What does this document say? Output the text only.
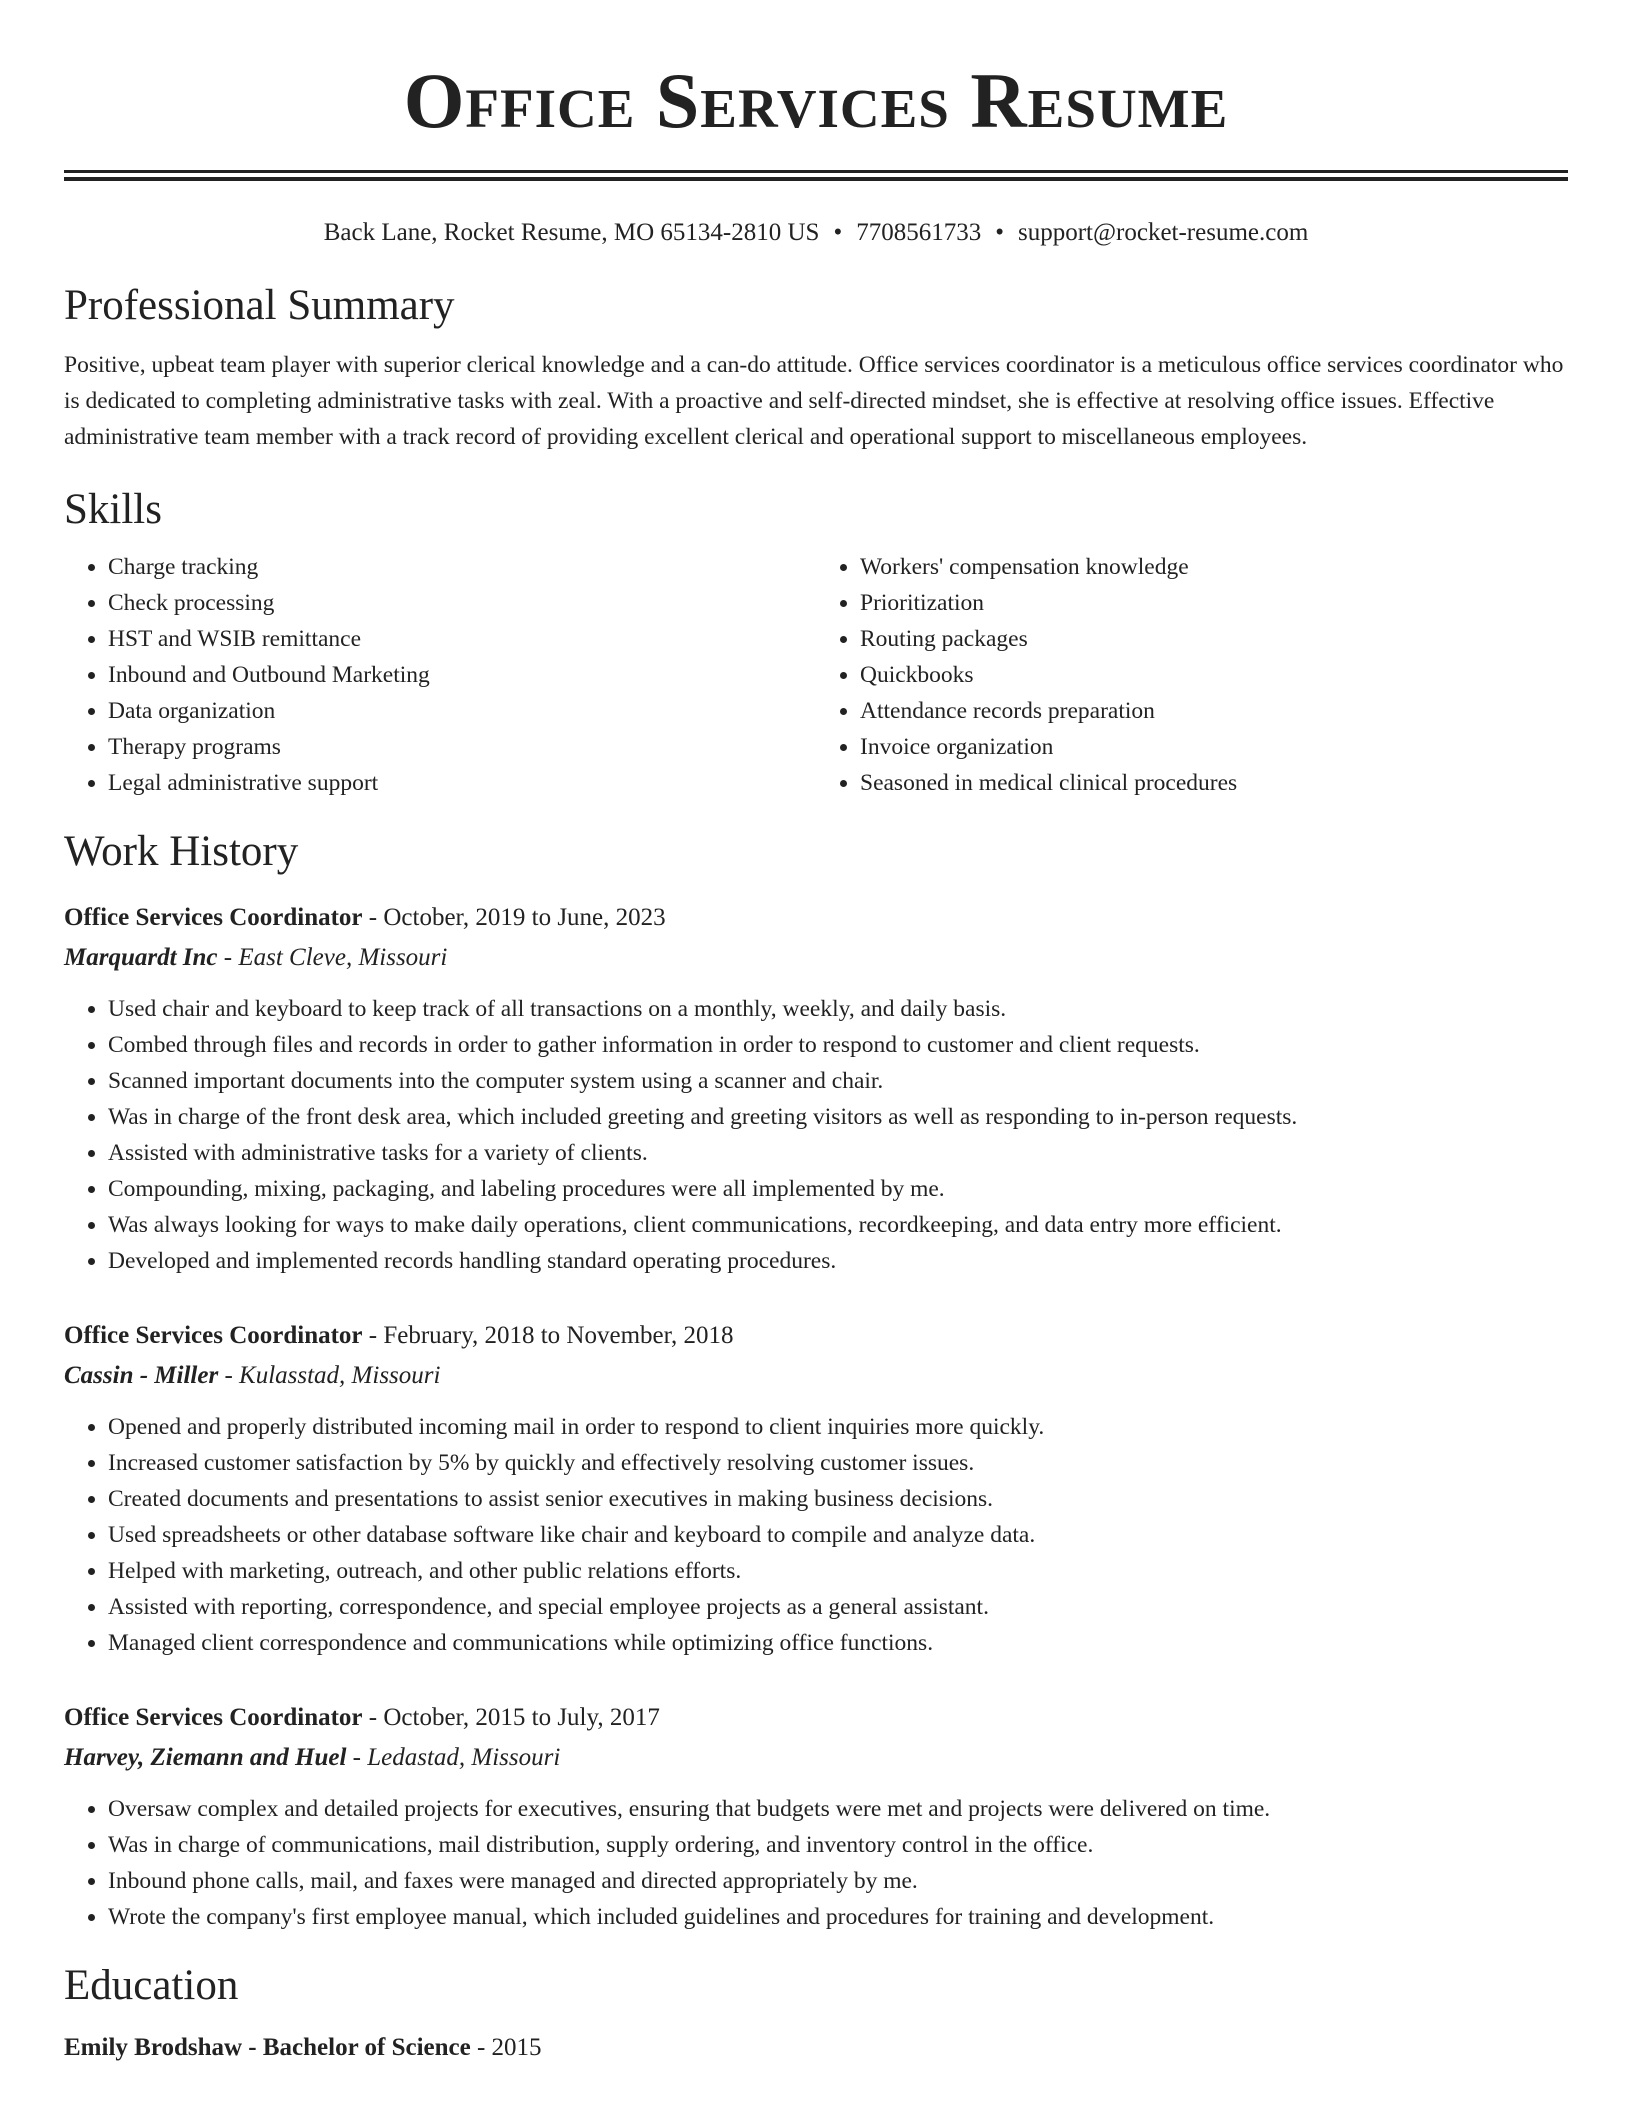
Office Services Resume
Back Lane, Rocket Resume, MO 65134-2810 US • 7708561733 • support@rocket-resume.com
Professional Summary

Positive, upbeat team player with superior clerical knowledge and a can-do attitude. Office services coordinator is a meticulous office services coordinator who is dedicated to completing administrative tasks with zeal. With a proactive and self-directed mindset, she is effective at resolving office issues. Effective administrative team member with a track record of providing excellent clerical and operational support to miscellaneous employees.

Skills
• Charge tracking
• Check processing
• HST and WSIB remittance
• Inbound and Outbound Marketing
• Data organization
• Therapy programs
• Legal administrative support
• Workers' compensation knowledge
• Prioritization
• Routing packages
• Quickbooks
• Attendance records preparation
• Invoice organization
• Seasoned in medical clinical procedures
Work History
Office Services Coordinator - October, 2019 to June, 2023
Marquardt Inc - East Cleve, Missouri
• Used chair and keyboard to keep track of all transactions on a monthly, weekly, and daily basis.
• Combed through files and records in order to gather information in order to respond to customer and client requests.
• Scanned important documents into the computer system using a scanner and chair.
• Was in charge of the front desk area, which included greeting and greeting visitors as well as responding to in-person requests.
• Assisted with administrative tasks for a variety of clients.
• Compounding, mixing, packaging, and labeling procedures were all implemented by me.
• Was always looking for ways to make daily operations, client communications, recordkeeping, and data entry more efficient.
• Developed and implemented records handling standard operating procedures.
Office Services Coordinator - February, 2018 to November, 2018
Cassin - Miller - Kulasstad, Missouri
• Opened and properly distributed incoming mail in order to respond to client inquiries more quickly.
• Increased customer satisfaction by 5% by quickly and effectively resolving customer issues.
• Created documents and presentations to assist senior executives in making business decisions.
• Used spreadsheets or other database software like chair and keyboard to compile and analyze data.
• Helped with marketing, outreach, and other public relations efforts.
• Assisted with reporting, correspondence, and special employee projects as a general assistant.
• Managed client correspondence and communications while optimizing office functions.
Office Services Coordinator - October, 2015 to July, 2017
Harvey, Ziemann and Huel - Ledastad, Missouri
• Oversaw complex and detailed projects for executives, ensuring that budgets were met and projects were delivered on time.
• Was in charge of communications, mail distribution, supply ordering, and inventory control in the office.
• Inbound phone calls, mail, and faxes were managed and directed appropriately by me.
• Wrote the company's first employee manual, which included guidelines and procedures for training and development.
Education
Emily Brodshaw - Bachelor of Science - 2015
